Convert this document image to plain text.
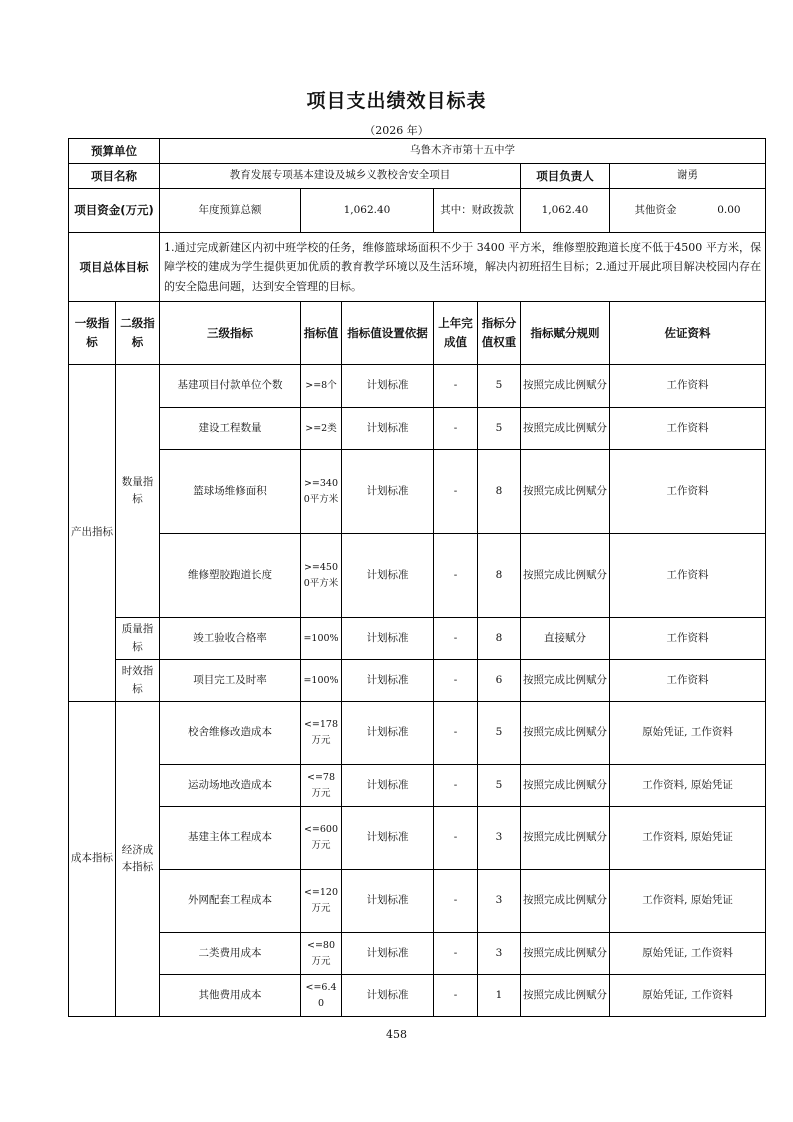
项目支出绩效目标表
（2026 年）
预算单位		乌鲁木齐市第十五中学						
项目名称		教育发展专项基本建设及城乡义教校舍安全项目					项目负责人	谢勇
项目资金(万元)		年度预算总额	1,062.40		其中：财政拨款		1,062.40	其他资金 0.00
项目总体目标		1.通过完成新建区内初中班学校的任务，维修篮球场面积不少于 3400 平方米，维修塑胶跑道长度不低于4500 平方米，保障学校的建成为学生提供更加优质的教育教学环境以及生活环境，解决内初班招生目标；2.通过开展此项目解决校园内存在的安全隐患问题，达到安全管理的目标。						
一级指标	二级指标	三级指标	指标值	指标值设置依据	上年完成值	指标分值权重	指标赋分规则	佐证资料
产出指标	数量指标	基建项目付款单位个数	>=8个	计划标准	-	5	按照完成比例赋分	工作资料
		建设工程数量	>=2类	计划标准	-	5	按照完成比例赋分	工作资料
		篮球场维修面积	>=3400平方米	计划标准	-	8	按照完成比例赋分	工作资料
		维修塑胶跑道长度	>=4500平方米	计划标准	-	8	按照完成比例赋分	工作资料
	质量指标	竣工验收合格率	=100%	计划标准	-	8	直接赋分	工作资料
	时效指标	项目完工及时率	=100%	计划标准	-	6	按照完成比例赋分	工作资料
成本指标	经济成本指标	校舍维修改造成本	<=178万元	计划标准	-	5	按照完成比例赋分	原始凭证, 工作资料
		运动场地改造成本	<=78万元	计划标准	-	5	按照完成比例赋分	工作资料, 原始凭证
		基建主体工程成本	<=600万元	计划标准	-	3	按照完成比例赋分	工作资料, 原始凭证
		外网配套工程成本	<=120万元	计划标准	-	3	按照完成比例赋分	工作资料, 原始凭证
		二类费用成本	<=80万元	计划标准	-	3	按照完成比例赋分	原始凭证, 工作资料
		其他费用成本	<=6.40	计划标准	-	1	按照完成比例赋分	原始凭证, 工作资料
458
